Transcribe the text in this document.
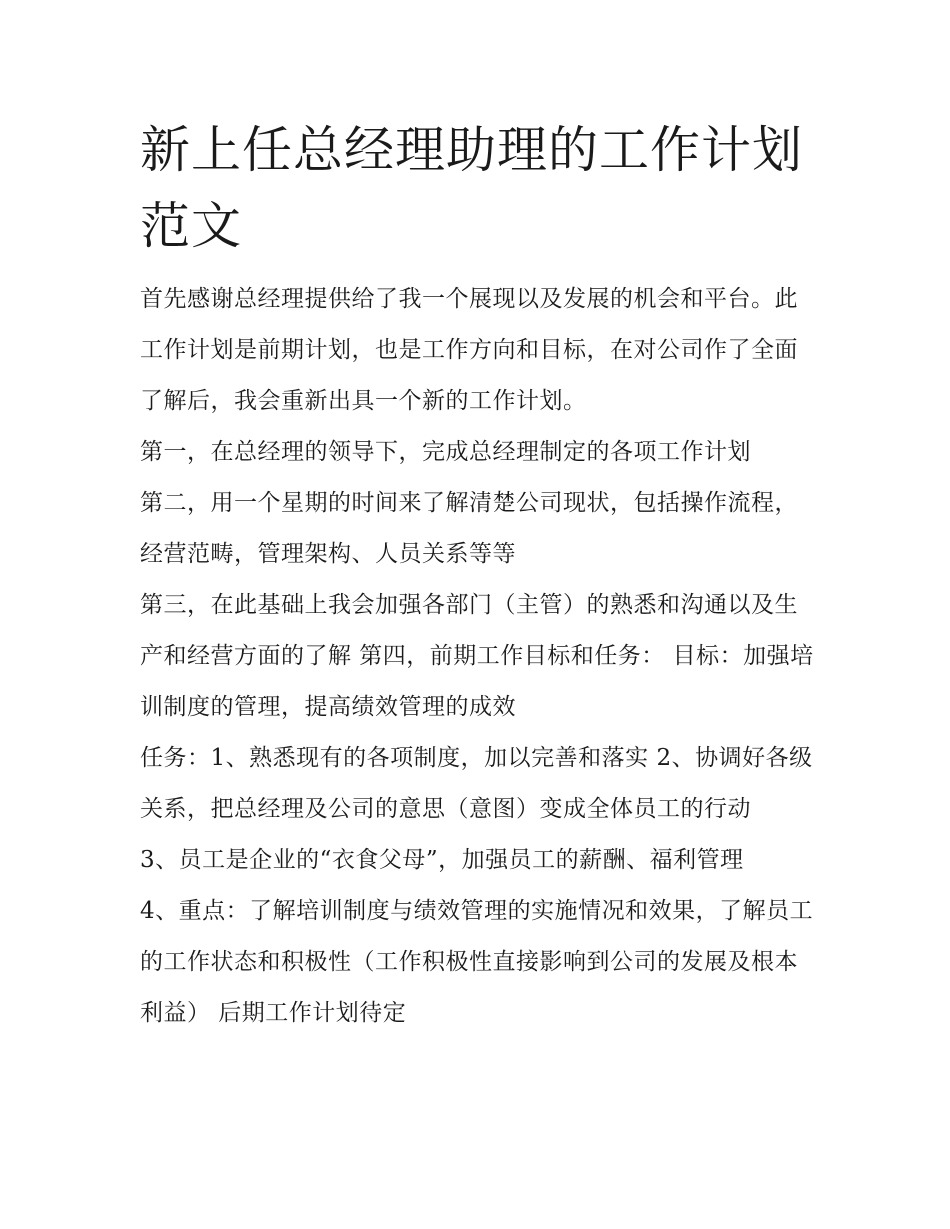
新上任总经理助理的工作计划范文

首先感谢总经理提供给了我一个展现以及发展的机会和平台。此工作计划是前期计划，也是工作方向和目标，在对公司作了全面了解后，我会重新出具一个新的工作计划。

第一，在总经理的领导下，完成总经理制定的各项工作计划

第二，用一个星期的时间来了解清楚公司现状，包括操作流程，经营范畴，管理架构、人员关系等等

第三，在此基础上我会加强各部门（主管）的熟悉和沟通以及生产和经营方面的了解 第四，前期工作目标和任务： 目标：加强培训制度的管理，提高绩效管理的成效

任务：1、熟悉现有的各项制度，加以完善和落实 2、协调好各级关系，把总经理及公司的意思（意图）变成全体员工的行动

3、员工是企业的“衣食父母”，加强员工的薪酬、福利管理

4、重点：了解培训制度与绩效管理的实施情况和效果，了解员工的工作状态和积极性（工作积极性直接影响到公司的发展及根本利益） 后期工作计划待定
